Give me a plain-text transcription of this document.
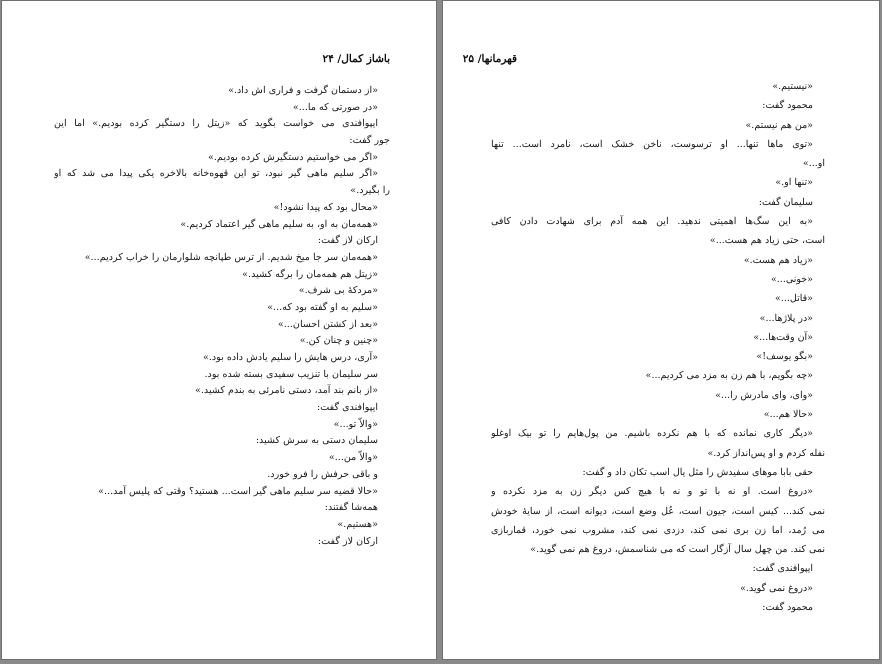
باشاز کمال/ ۲۴
«از دستمان گرفت و فراری اش داد.»
«در صورتی که ما...»
ایپوافندی می خواست بگوید که «زیتل را دستگیر کرده بودیم.» اما این
جور گفت:
«اگر می خواستیم دستگیرش کرده بودیم.»
«اگر سلیم ماهی گیر نبود، تو این قهوه‌خانه بالاخره یکی پیدا می شد که او
را بگیرد.»
«محال بود که پیدا نشود!»
«همه‌مان به او، به سلیم ماهی گیر اعتماد کردیم.»
ارکان لاز گفت:
«همه‌مان سر جا میخ شدیم. از ترس طپانچه شلوارمان را خراب کردیم...»
«زیتل هم همه‌مان را برگه کشید.»
«مردکهٔ بی شرف.»
«سلیم به او گفته بود که...»
«بعد از کشتن احسان...»
«چنین و چنان کن.»
«آری، درس هایش را سلیم یادش داده بود.»
سر سلیمان با تنزیب سفیدی بسته شده بود.
«از بانم بند آمد، دستی نامرئی به بندم کشید.»
ایپوافندی گفت:
«والاّ تو...»
سلیمان دستی به سرش کشید:
«والاّ من...»
و باقی حرفش را فرو خورد.
«حالا قضیه سر سلیم ماهی گیر است... هستید؟ وقتی که پلیس آمد...»
همه‌شا گفتند:
«هستیم.»
ارکان لاز گفت:
قهرمانها/ ۲۵
«نیستیم.»
محمود گفت:
«من هم نیستم.»
«توی ماها تنها... او ترسوست، ناخن خشک است، نامرد است... تنها
او...»
«تنها او.»
سلیمان گفت:
«به این سگ‌ها اهمیتی ندهید. این همه آدم برای شهادت دادن کافی
است، حتی زیاد هم هست...»
«زیاد هم هست.»
«خونی...»
«قاتل...»
«در پلاژها...»
«آن وقت‌ها...»
«بگو یوسف!»
«چه بگویم، با هم زن به مزد می کردیم...»
«وای، وای مادرش را...»
«حالا هم...»
«دیگر کاری نمانده که با هم نکرده باشیم. من پول‌هایم را تو بیک اوغلو
نفله کردم و او پس‌انداز کرد.»
حقی بابا موهای سفیدش را مثل یال اسب تکان داد و گفت:
«دروغ است. او نه با تو و نه با هیچ کس دیگر زن به مزد نکرده و
نمی کند... کیس است، جیون است، عُل وضع است، دیوانه است، از سایهٔ خودش
می رُمد، اما زن بری نمی کند، دزدی نمی کند، مشروب نمی خورد، قماربازی
نمی کند. من چهل سال آزگار است که می شناسمش، دروغ هم نمی گوید.»
ایپوافندی گفت:
«دروغ نمی گوید.»
محمود گفت:
